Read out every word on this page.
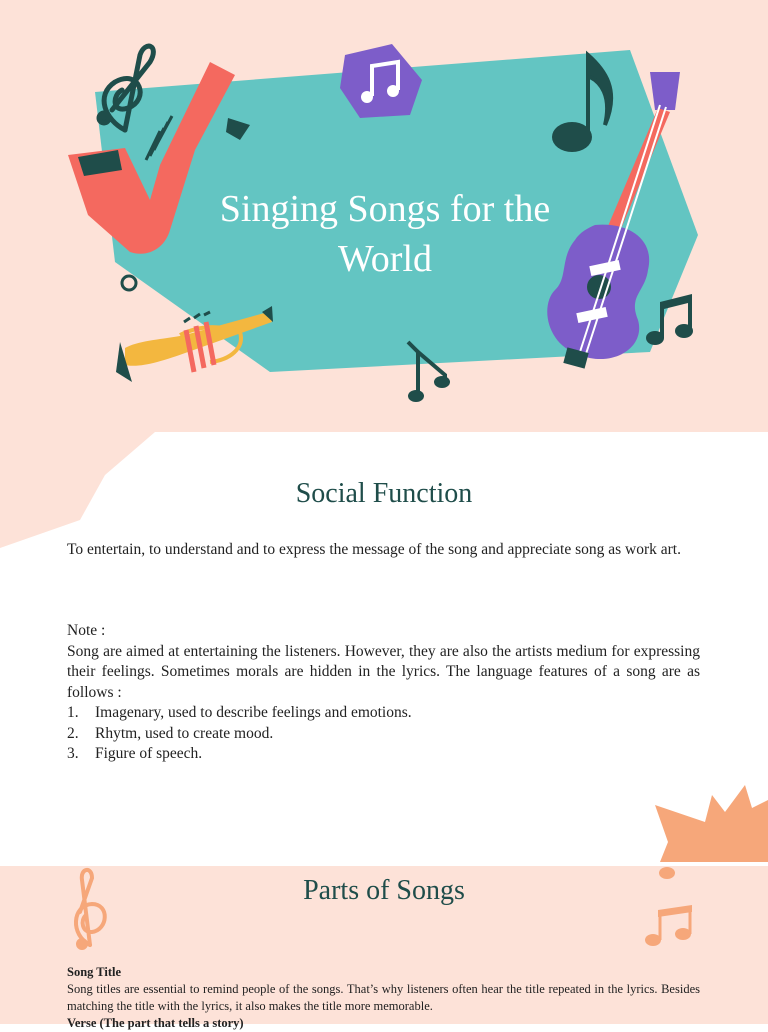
Singing Songs for the
World
Social Function
To entertain, to understand and to express the message of the song and appreciate song as work art.
Note :
Song are aimed at entertaining the listeners. However, they are also the artists medium for expressing their feelings. Sometimes morals are hidden in the lyrics. The language features of a song are as follows :
1.	Imagenary, used to describe feelings and emotions.
2.	Rhytm, used to create mood.
3.	Figure of speech.
Parts of Songs
Song Title
Song titles are essential to remind people of the songs. That’s why listeners often hear the title repeated in the lyrics. Besides matching the title with the lyrics, it also makes the title more memorable.
Verse (The part that tells a story)
